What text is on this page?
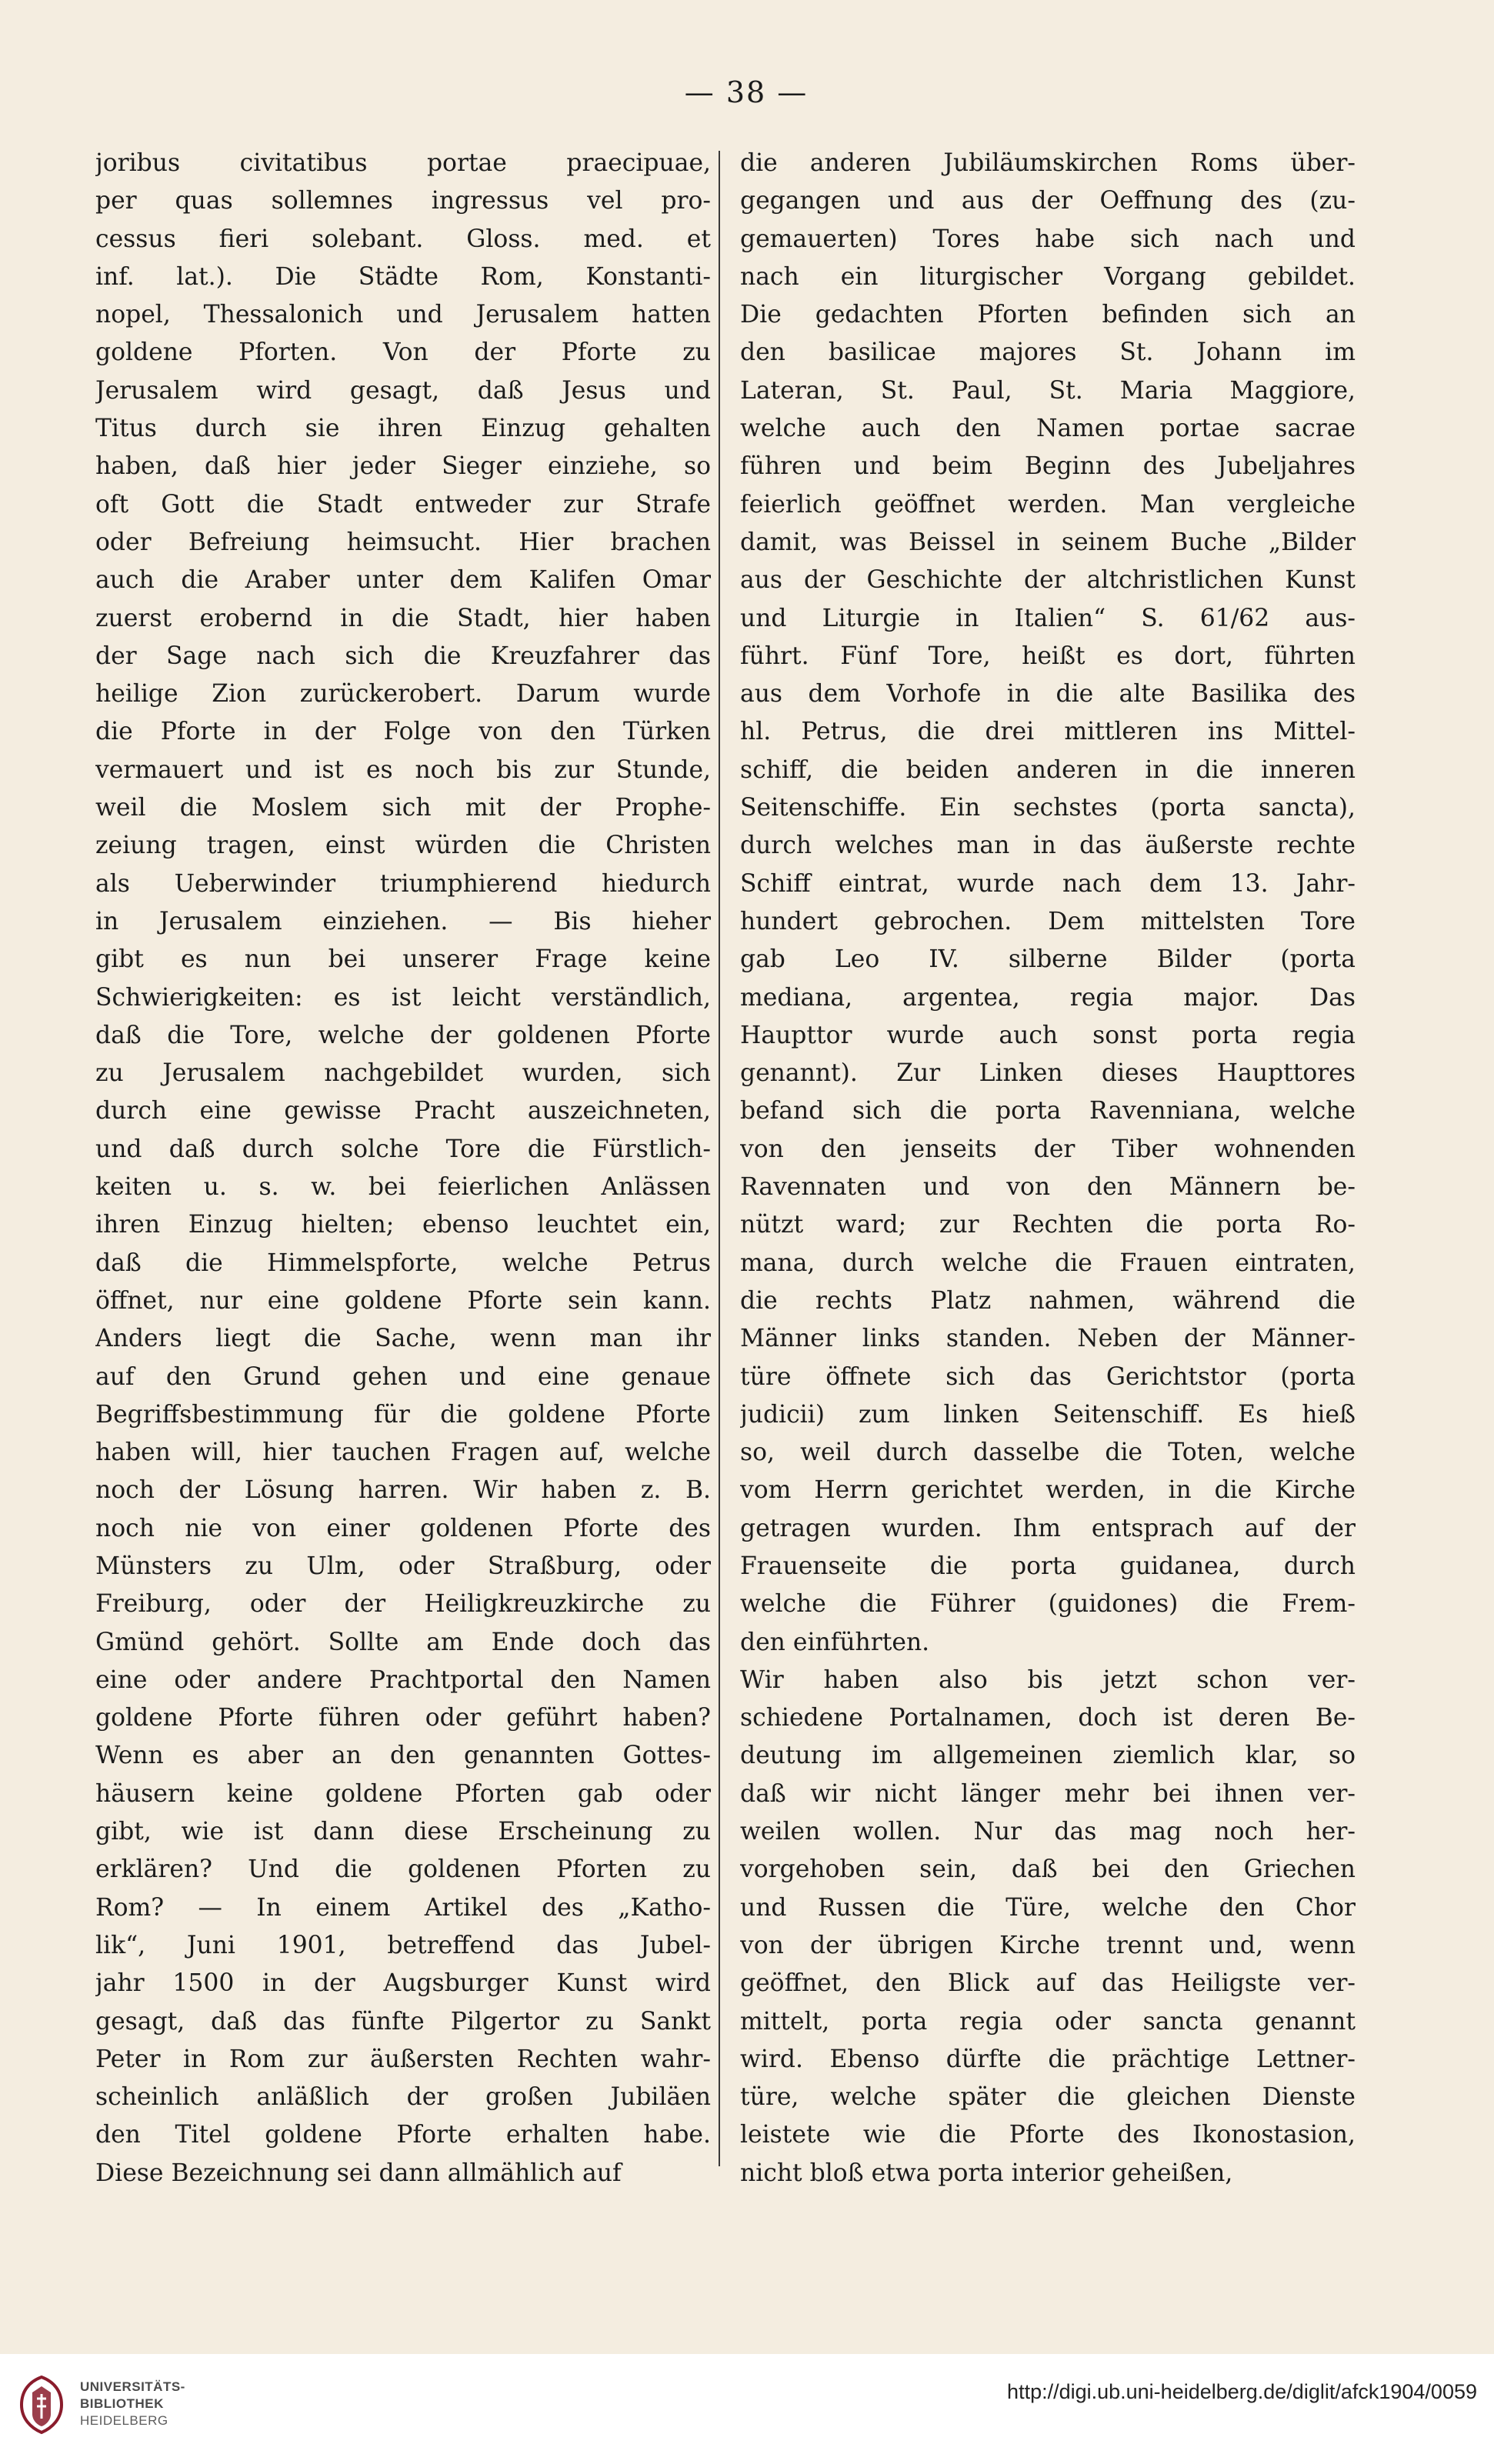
— 38 —
joribus civitatibus portae praecipuae,
per quas sollemnes ingressus vel pro-
cessus fieri solebant. Gloss. med. et
inf. lat.). Die Städte Rom, Konstanti-
nopel, Thessalonich und Jerusalem hatten
goldene Pforten. Von der Pforte zu
Jerusalem wird gesagt, daß Jesus und
Titus durch sie ihren Einzug gehalten
haben, daß hier jeder Sieger einziehe, so
oft Gott die Stadt entweder zur Strafe
oder Befreiung heimsucht. Hier brachen
auch die Araber unter dem Kalifen Omar
zuerst erobernd in die Stadt, hier haben
der Sage nach sich die Kreuzfahrer das
heilige Zion zurückerobert. Darum wurde
die Pforte in der Folge von den Türken
vermauert und ist es noch bis zur Stunde,
weil die Moslem sich mit der Prophe-
zeiung tragen, einst würden die Christen
als Ueberwinder triumphierend hiedurch
in Jerusalem einziehen. — Bis hieher
gibt es nun bei unserer Frage keine
Schwierigkeiten: es ist leicht verständlich,
daß die Tore, welche der goldenen Pforte
zu Jerusalem nachgebildet wurden, sich
durch eine gewisse Pracht auszeichneten,
und daß durch solche Tore die Fürstlich-
keiten u. s. w. bei feierlichen Anlässen
ihren Einzug hielten; ebenso leuchtet ein,
daß die Himmelspforte, welche Petrus
öffnet, nur eine goldene Pforte sein kann.
Anders liegt die Sache, wenn man ihr
auf den Grund gehen und eine genaue
Begriffsbestimmung für die goldene Pforte
haben will, hier tauchen Fragen auf, welche
noch der Lösung harren. Wir haben z. B.
noch nie von einer goldenen Pforte des
Münsters zu Ulm, oder Straßburg, oder
Freiburg, oder der Heiligkreuzkirche zu
Gmünd gehört. Sollte am Ende doch das
eine oder andere Prachtportal den Namen
goldene Pforte führen oder geführt haben?
Wenn es aber an den genannten Gottes-
häusern keine goldene Pforten gab oder
gibt, wie ist dann diese Erscheinung zu
erklären? Und die goldenen Pforten zu
Rom? — In einem Artikel des „Katho-
lik“, Juni 1901, betreffend das Jubel-
jahr 1500 in der Augsburger Kunst wird
gesagt, daß das fünfte Pilgertor zu Sankt
Peter in Rom zur äußersten Rechten wahr-
scheinlich anläßlich der großen Jubiläen
den Titel goldene Pforte erhalten habe.
Diese Bezeichnung sei dann allmählich auf
die anderen Jubiläumskirchen Roms über-
gegangen und aus der Oeffnung des (zu-
gemauerten) Tores habe sich nach und
nach ein liturgischer Vorgang gebildet.
Die gedachten Pforten befinden sich an
den basilicae majores St. Johann im
Lateran, St. Paul, St. Maria Maggiore,
welche auch den Namen portae sacrae
führen und beim Beginn des Jubeljahres
feierlich geöffnet werden. Man vergleiche
damit, was Beissel in seinem Buche „Bilder
aus der Geschichte der altchristlichen Kunst
und Liturgie in Italien“ S. 61/62 aus-
führt. Fünf Tore, heißt es dort, führten
aus dem Vorhofe in die alte Basilika des
hl. Petrus, die drei mittleren ins Mittel-
schiff, die beiden anderen in die inneren
Seitenschiffe. Ein sechstes (porta sancta),
durch welches man in das äußerste rechte
Schiff eintrat, wurde nach dem 13. Jahr-
hundert gebrochen. Dem mittelsten Tore
gab Leo IV. silberne Bilder (porta
mediana, argentea, regia major. Das
Haupttor wurde auch sonst porta regia
genannt). Zur Linken dieses Haupttores
befand sich die porta Ravenniana, welche
von den jenseits der Tiber wohnenden
Ravennaten und von den Männern be-
nützt ward; zur Rechten die porta Ro-
mana, durch welche die Frauen eintraten,
die rechts Platz nahmen, während die
Männer links standen. Neben der Männer-
türe öffnete sich das Gerichtstor (porta
judicii) zum linken Seitenschiff. Es hieß
so, weil durch dasselbe die Toten, welche
vom Herrn gerichtet werden, in die Kirche
getragen wurden. Ihm entsprach auf der
Frauenseite die porta guidanea, durch
welche die Führer (guidones) die Frem-
den einführten.
Wir haben also bis jetzt schon ver-
schiedene Portalnamen, doch ist deren Be-
deutung im allgemeinen ziemlich klar, so
daß wir nicht länger mehr bei ihnen ver-
weilen wollen. Nur das mag noch her-
vorgehoben sein, daß bei den Griechen
und Russen die Türe, welche den Chor
von der übrigen Kirche trennt und, wenn
geöffnet, den Blick auf das Heiligste ver-
mittelt, porta regia oder sancta genannt
wird. Ebenso dürfte die prächtige Lettner-
türe, welche später die gleichen Dienste
leistete wie die Pforte des Ikonostasion,
nicht bloß etwa porta interior geheißen,
UNIVERSITÄTS-
BIBLIOTHEK
HEIDELBERG
http://digi.ub.uni-heidelberg.de/diglit/afck1904/0059
